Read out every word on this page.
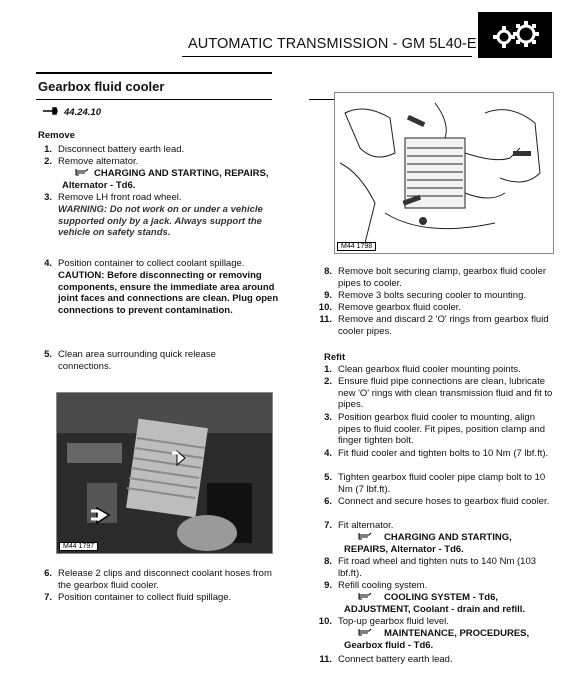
AUTOMATIC TRANSMISSION - GM 5L40-E
Gearbox fluid cooler
44.24.10
Remove
1. Disconnect battery earth lead.
2. Remove alternator.
CHARGING AND STARTING, REPAIRS, Alternator - Td6.
3. Remove LH front road wheel.
WARNING: Do not work on or under a vehicle supported only by a jack. Always support the vehicle on safety stands.
4. Position container to collect coolant spillage.
CAUTION: Before disconnecting or removing components, ensure the immediate area around joint faces and connections are clean. Plug open connections to prevent contamination.
5. Clean area surrounding quick release connections.
M44 1797
6. Release 2 clips and disconnect coolant hoses from the gearbox fluid cooler.
7. Position container to collect fluid spillage.
M44 1798
8. Remove bolt securing clamp, gearbox fluid cooler pipes to cooler.
9. Remove 3 bolts securing cooler to mounting.
10. Remove gearbox fluid cooler.
11. Remove and discard 2 'O' rings from gearbox fluid cooler pipes.
Refit
1. Clean gearbox fluid cooler mounting points.
2. Ensure fluid pipe connections are clean, lubricate new 'O' rings with clean transmission fluid and fit to pipes.
3. Position gearbox fluid cooler to mounting, align pipes to fluid cooler. Fit pipes, position clamp and finger tighten bolt.
4. Fit fluid cooler and tighten bolts to 10 Nm (7 lbf.ft).
5. Tighten gearbox fluid cooler pipe clamp bolt to 10 Nm (7 lbf.ft).
6. Connect and secure hoses to gearbox fluid cooler.
7. Fit alternator.
CHARGING AND STARTING, REPAIRS, Alternator - Td6.
8. Fit road wheel and tighten nuts to 140 Nm (103 lbf.ft).
9. Refill cooling system.
COOLING SYSTEM - Td6, ADJUSTMENT, Coolant - drain and refill.
10. Top-up gearbox fluid level.
MAINTENANCE, PROCEDURES, Gearbox fluid - Td6.
11. Connect battery earth lead.
